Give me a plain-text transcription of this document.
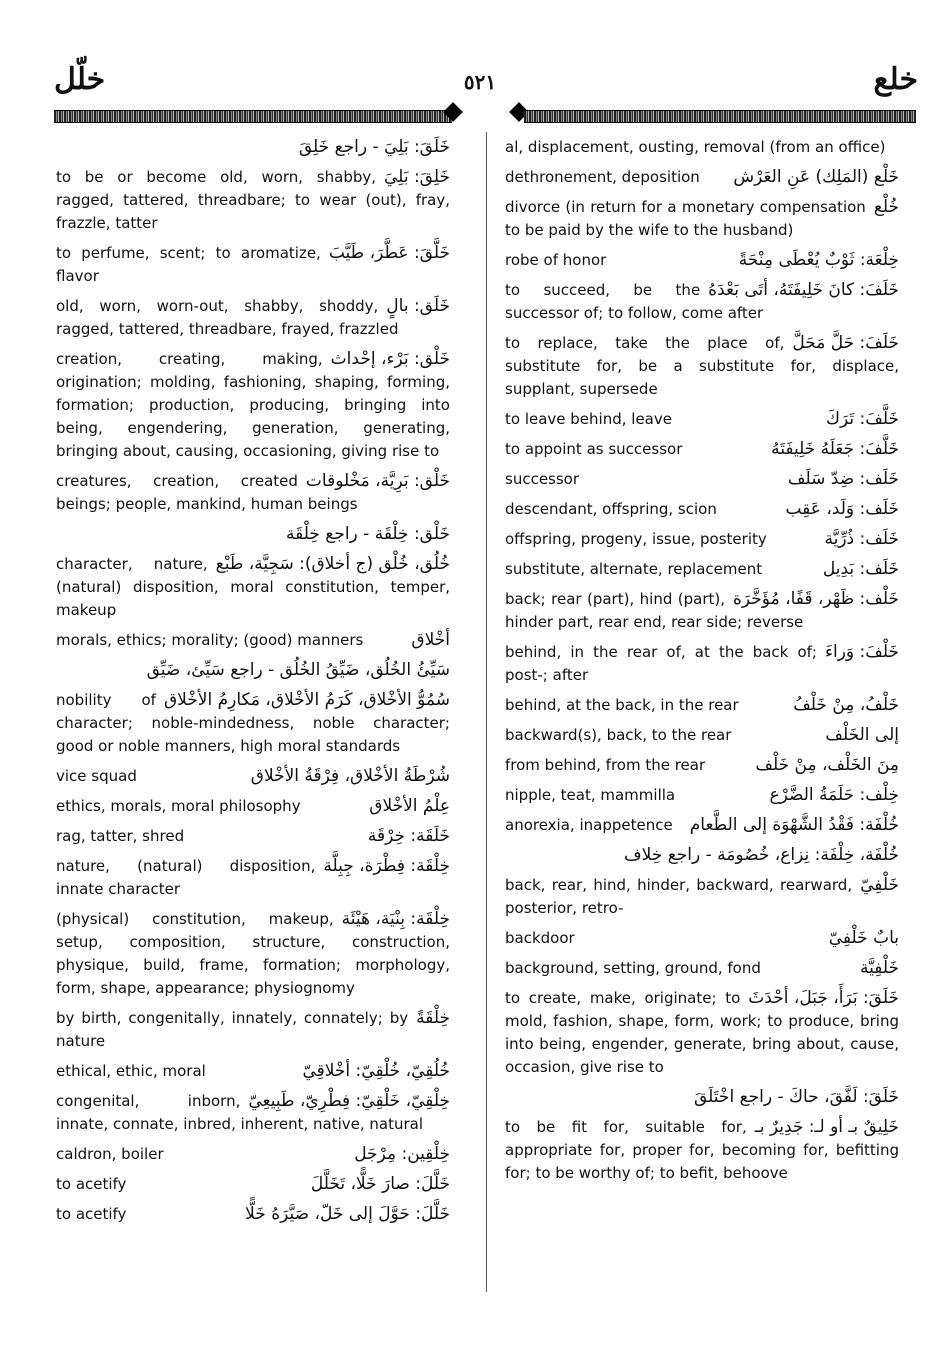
خلّل	٥٢١	خلع
خَلَقَ: بَلِيَ - راجع خَلِقَ
خَلِقَ: بَلِيَ
to be or become old, worn, shabby, ragged, tattered, threadbare; to wear (out), fray, frazzle, tatter
خَلَّقَ: عَطَّرَ، طَيَّبَ
to perfume, scent; to aromatize, flavor
خَلَق: بالٍ
old, worn, worn-out, shabby, shoddy, ragged, tattered, threadbare, frayed, frazzled
خَلْق: بَرْء، إحْداث
creation, creating, making, origination; molding, fashioning, shaping, forming, formation; production, producing, bringing into being, engendering, generation, generating, bringing about, causing, occasioning, giving rise to
خَلْق: بَرِيَّة، مَخْلوقات
creatures, creation, created beings; people, mankind, human beings
خَلْق: خِلْقَة - راجع خِلْقَة
خُلُق، خُلْق (ج أخلاق): سَجِيَّة، طَبْع
character, nature, (natural) disposition, moral constitution, temper, makeup
أخْلاق
morals, ethics; morality; (good) manners
سَيِّئُ الخُلُق، ضَيِّقُ الخُلُق - راجع سَيِّئ، ضَيِّق
سُمُوُّ الأخْلاق، كَرَمُ الأخْلاق، مَكارِمُ الأخْلاق
nobility of character; noble-mindedness, noble character; good or noble manners, high moral standards
شُرْطَةُ الأخْلاق، فِرْقَةُ الأخْلاق
vice squad
عِلْمُ الأخْلاق
ethics, morals, moral philosophy
خَلَقَة: خِرْقَة
rag, tatter, shred
خِلْقَة: فِطْرَة، جِبِلَّة
nature, (natural) disposition, innate character
خِلْقَة: بِنْيَة، هَيْئَة
(physical) constitution, makeup, setup, composition, structure, construction, physique, build, frame, formation; morphology, form, shape, appearance; physiognomy
خِلْقَةً
by birth, congenitally, innately, connately; by nature
خُلُقِيّ، خُلْقِيّ: أخْلاقِيّ
ethical, ethic, moral
خِلْقِيّ، خَلْقِيّ: فِطْرِيّ، طَبِيعِيّ
congenital, inborn, innate, connate, inbred, inherent, native, natural
خِلْقِين: مِرْجَل
caldron, boiler
خَلَّلَ: صارَ خَلًّا، تَخَلَّلَ
to acetify
خَلَّلَ: حَوَّلَ إلى خَلّ، صَيَّرَهُ خَلًّا
to acetify
al, displacement, ousting, removal (from an office)
خَلْع (المَلِك) عَنِ العَرْش
dethronement, deposition
خُلْع
divorce (in return for a monetary compensation to be paid by the wife to the husband)
خِلْعَة: ثَوْبٌ يُعْطَى مِنْحَةً
robe of honor
خَلَفَ: كانَ خَلِيفَتَهُ، أتَى بَعْدَهُ
to succeed, be the successor of; to follow, come after
خَلَفَ: حَلَّ مَحَلَّ
to replace, take the place of, substitute for, be a substitute for, displace, supplant, supersede
خَلَّفَ: تَرَكَ
to leave behind, leave
خَلَّفَ: جَعَلَهُ خَلِيفَتَهُ
to appoint as successor
خَلَف: ضِدّ سَلَف
successor
خَلَف: وَلَد، عَقِب
descendant, offspring, scion
خَلَف: ذُرِّيَّة
offspring, progeny, issue, posterity
خَلَف: بَدِيل
substitute, alternate, replacement
خَلْف: ظَهْر، قَفًا، مُؤَخَّرَة
back; rear (part), hind (part), hinder part, rear end, rear side; reverse
خَلْفَ: وَراءَ
behind, in the rear of, at the back of; post-; after
خَلْفُ، مِنْ خَلْفُ
behind, at the back, in the rear
إلى الخَلْف
backward(s), back, to the rear
مِنَ الخَلْف، مِنْ خَلْف
from behind, from the rear
خِلْف: حَلَمَةُ الضَّرْع
nipple, teat, mammilla
خُلْفَة: فَقْدُ الشَّهْوَة إلى الطَّعام
anorexia, inappetence
خُلْفَة، خِلْفَة: نِزاع، خُصُومَة - راجع خِلاف
خَلْفِيّ
back, rear, hind, hinder, backward, rearward, posterior, retro-
بابٌ خَلْفِيّ
backdoor
خَلْفِيَّة
background, setting, ground, fond
خَلَقَ: بَرَأَ، جَبَلَ، أحْدَثَ
to create, make, originate; to mold, fashion, shape, form, work; to produce, bring into being, engender, generate, bring about, cause, occasion, give rise to
خَلَقَ: لَفَّقَ، حاكَ - راجع اخْتَلَقَ
خَلِيقٌ بـ أو لـ: جَدِيرٌ بـ
to be fit for, suitable for, appropriate for, proper for, becoming for, befitting for; to be worthy of; to befit, behoove
